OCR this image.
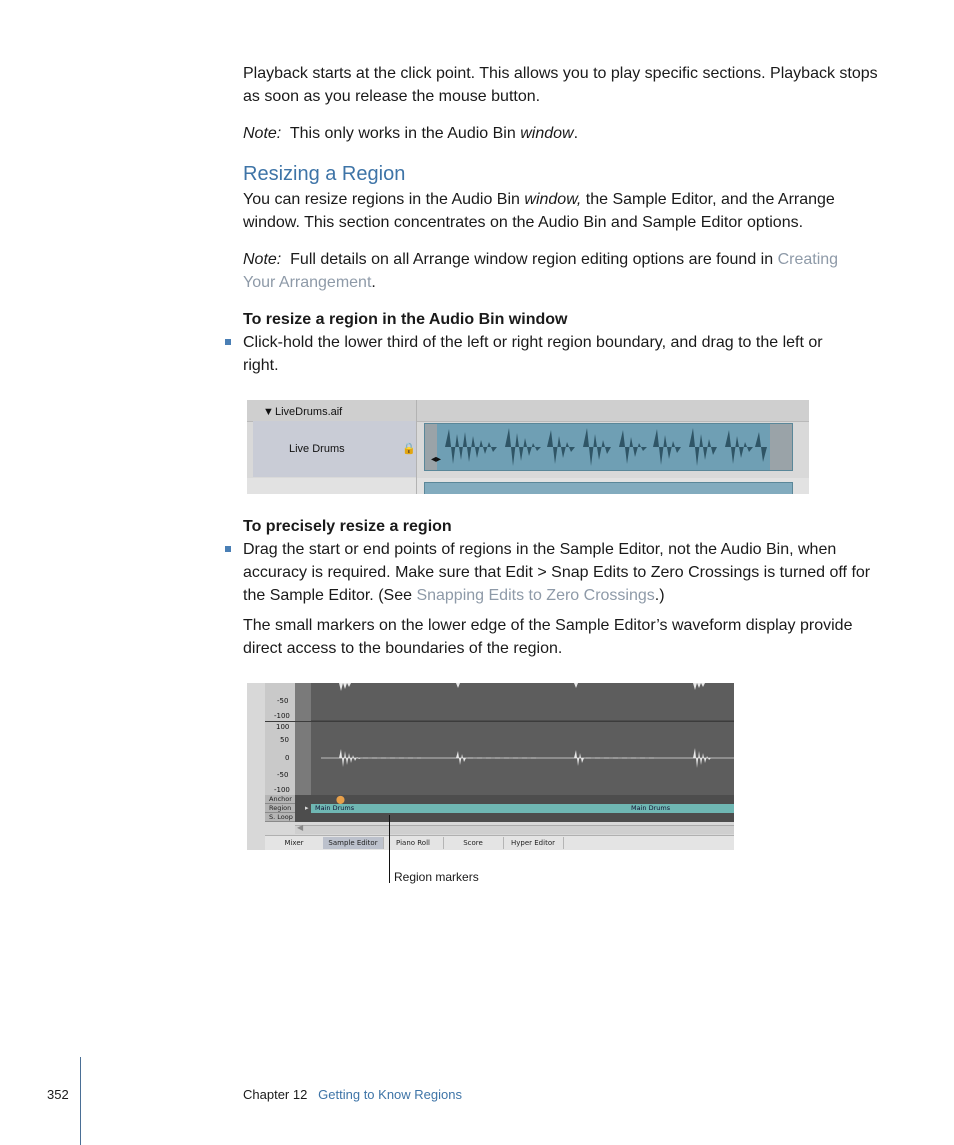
Playback starts at the click point. This allows you to play specific sections. Playback stops
as soon as you release the mouse button.
Note: This only works in the Audio Bin window.
Resizing a Region
You can resize regions in the Audio Bin window, the Sample Editor, and the Arrange
window. This section concentrates on the Audio Bin and Sample Editor options.
Note: Full details on all Arrange window region editing options are found in Creating
Your Arrangement.
To resize a region in the Audio Bin window
Click-hold the lower third of the left or right region boundary, and drag to the left or
right.
▼ LiveDrums.aif
Live Drums	🔒
◂▸
To precisely resize a region
Drag the start or end points of regions in the Sample Editor, not the Audio Bin, when
accuracy is required. Make sure that Edit > Snap Edits to Zero Crossings is turned off for
the Sample Editor. (See Snapping Edits to Zero Crossings.)
The small markers on the lower edge of the Sample Editor’s waveform display provide
direct access to the boundaries of the region.
-50
-100
100
50
0
-50
-100
Anchor
Region
S. Loop
⬤
▸ Main Drums	Main Drums
◀
Mixer	Sample Editor	Piano Roll	Score	Hyper Editor
Region markers
352	Chapter 12 Getting to Know Regions
